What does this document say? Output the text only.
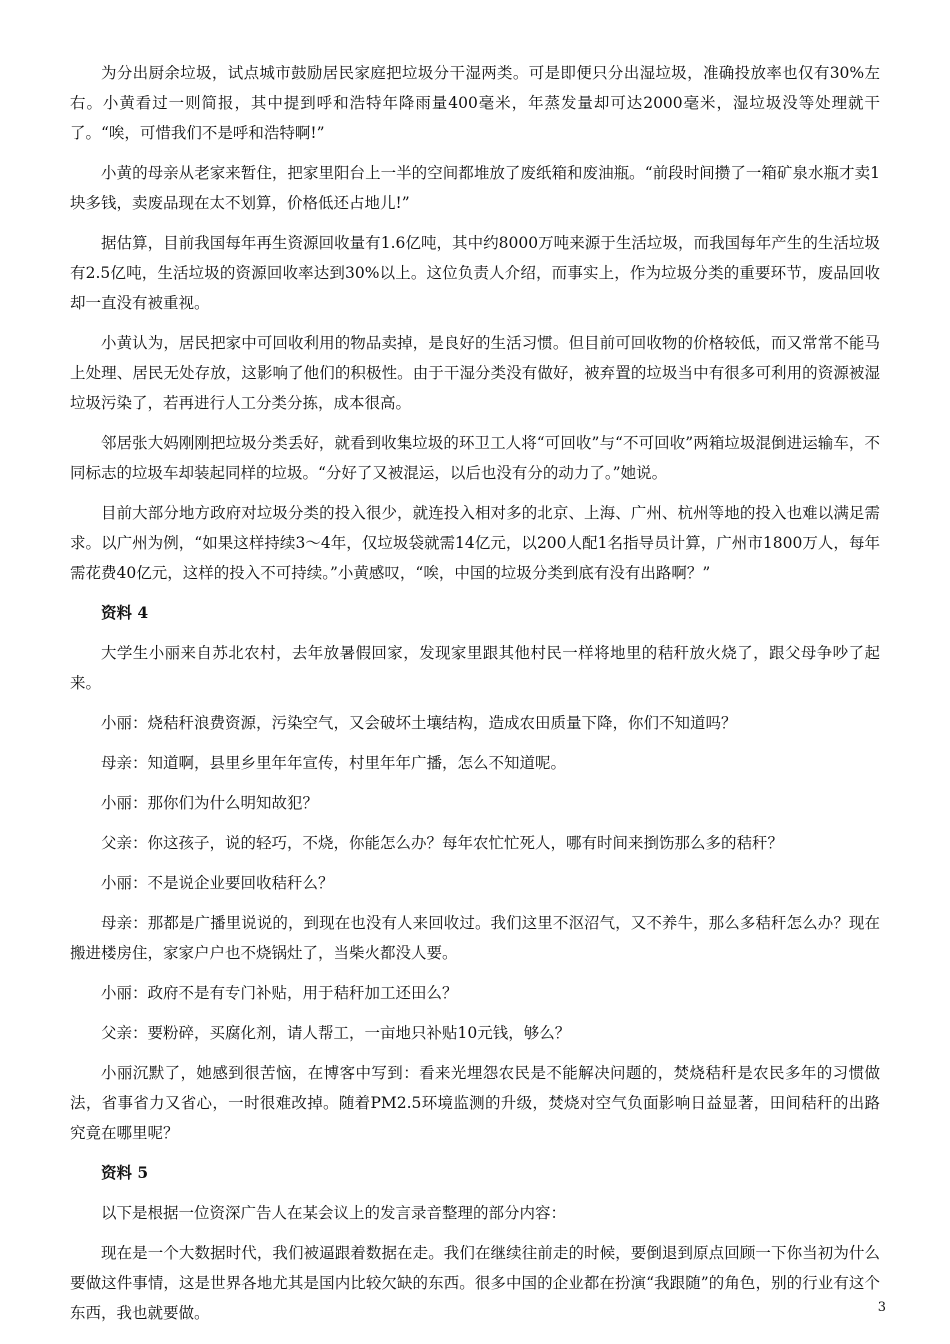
为分出厨余垃圾，试点城市鼓励居民家庭把垃圾分干湿两类。可是即便只分出湿垃圾，准确投放率也仅有30%左右。小黄看过一则简报，其中提到呼和浩特年降雨量400毫米，年蒸发量却可达2000毫米，湿垃圾没等处理就干了。“唉，可惜我们不是呼和浩特啊!”

小黄的母亲从老家来暂住，把家里阳台上一半的空间都堆放了废纸箱和废油瓶。“前段时间攒了一箱矿泉水瓶才卖1块多钱，卖废品现在太不划算，价格低还占地儿!”

据估算，目前我国每年再生资源回收量有1.6亿吨，其中约8000万吨来源于生活垃圾，而我国每年产生的生活垃圾有2.5亿吨，生活垃圾的资源回收率达到30%以上。这位负责人介绍，而事实上，作为垃圾分类的重要环节，废品回收却一直没有被重视。

小黄认为，居民把家中可回收利用的物品卖掉，是良好的生活习惯。但目前可回收物的价格较低，而又常常不能马上处理、居民无处存放，这影响了他们的积极性。由于干湿分类没有做好，被弃置的垃圾当中有很多可利用的资源被湿垃圾污染了，若再进行人工分类分拣，成本很高。

邻居张大妈刚刚把垃圾分类丢好，就看到收集垃圾的环卫工人将“可回收”与“不可回收”两箱垃圾混倒进运输车，不同标志的垃圾车却装起同样的垃圾。“分好了又被混运，以后也没有分的动力了。”她说。

目前大部分地方政府对垃圾分类的投入很少，就连投入相对多的北京、上海、广州、杭州等地的投入也难以满足需求。以广州为例，“如果这样持续3～4年，仅垃圾袋就需14亿元，以200人配1名指导员计算，广州市1800万人，每年需花费40亿元，这样的投入不可持续。”小黄感叹，“唉，中国的垃圾分类到底有没有出路啊？”

资料 4

大学生小丽来自苏北农村，去年放暑假回家，发现家里跟其他村民一样将地里的秸秆放火烧了，跟父母争吵了起来。

小丽：烧秸秆浪费资源，污染空气，又会破坏土壤结构，造成农田质量下降，你们不知道吗？

母亲：知道啊，县里乡里年年宣传，村里年年广播，怎么不知道呢。

小丽：那你们为什么明知故犯？

父亲：你这孩子，说的轻巧，不烧，你能怎么办？每年农忙忙死人，哪有时间来捯饬那么多的秸秆？

小丽：不是说企业要回收秸秆么？

母亲：那都是广播里说说的，到现在也没有人来回收过。我们这里不沤沼气，又不养牛，那么多秸秆怎么办？现在搬进楼房住，家家户户也不烧锅灶了，当柴火都没人要。

小丽：政府不是有专门补贴，用于秸秆加工还田么？

父亲：要粉碎，买腐化剂，请人帮工，一亩地只补贴10元钱，够么？

小丽沉默了，她感到很苦恼，在博客中写到：看来光埋怨农民是不能解决问题的，焚烧秸秆是农民多年的习惯做法，省事省力又省心，一时很难改掉。随着PM2.5环境监测的升级，焚烧对空气负面影响日益显著，田间秸秆的出路究竟在哪里呢？

资料 5

以下是根据一位资深广告人在某会议上的发言录音整理的部分内容：

现在是一个大数据时代，我们被逼跟着数据在走。我们在继续往前走的时候，要倒退到原点回顾一下你当初为什么要做这件事情，这是世界各地尤其是国内比较欠缺的东西。很多中国的企业都在扮演“我跟随”的角色，别的行业有这个东西，我也就要做。	3
